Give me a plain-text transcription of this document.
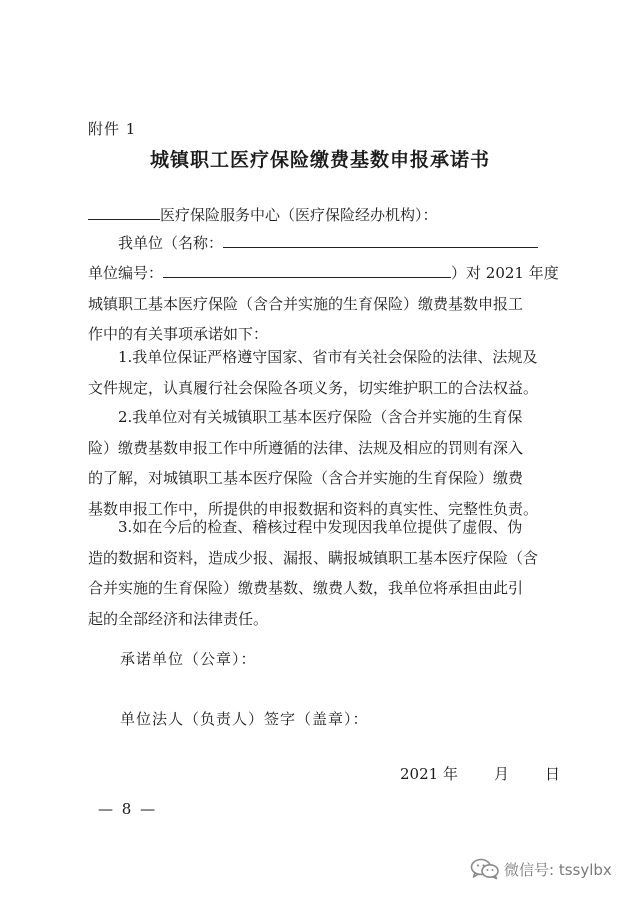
附件 1
城镇职工医疗保险缴费基数申报承诺书
医疗保险服务中心（医疗保险经办机构）：
我单位（名称：
单位编号：	）对 2021 年度
城镇职工基本医疗保险（含合并实施的生育保险）缴费基数申报工
作中的有关事项承诺如下：
1.我单位保证严格遵守国家、省市有关社会保险的法律、法规及
文件规定，认真履行社会保险各项义务，切实维护职工的合法权益。
2.我单位对有关城镇职工基本医疗保险（含合并实施的生育保
险）缴费基数申报工作中所遵循的法律、法规及相应的罚则有深入
的了解，对城镇职工基本医疗保险（含合并实施的生育保险）缴费
基数申报工作中，所提供的申报数据和资料的真实性、完整性负责。
3.如在今后的检查、稽核过程中发现因我单位提供了虚假、伪
造的数据和资料，造成少报、漏报、瞒报城镇职工基本医疗保险（含
合并实施的生育保险）缴费基数、缴费人数，我单位将承担由此引
起的全部经济和法律责任。
承诺单位（公章）：
单位法人（负责人）签字（盖章）：
2021 年 月 日
— 8 —
微信号: tssylbx
